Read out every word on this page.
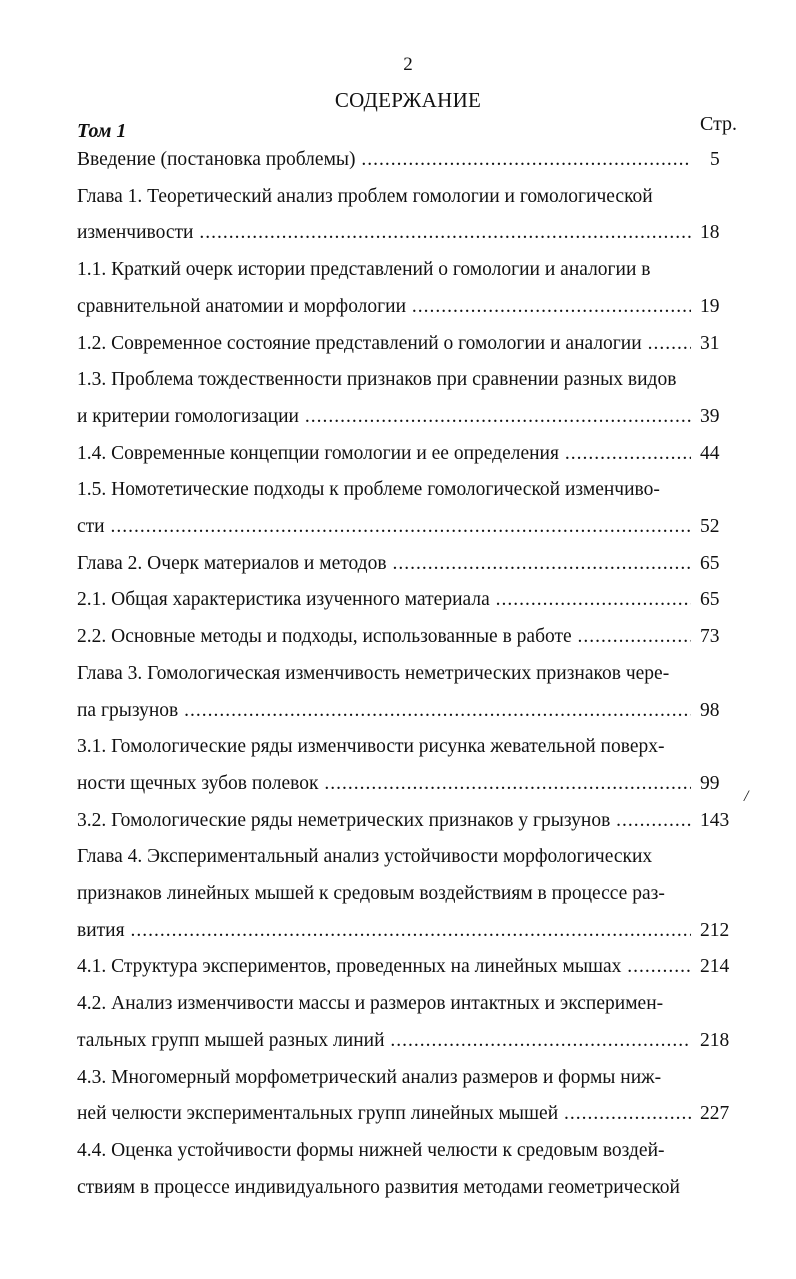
2
СОДЕРЖАНИЕ
Том 1	Стр.
/
Введение (постановка проблемы) .....	5
Глава 1. Теоретический анализ проблем гомологии и гомологической
изменчивости .....	18
1.1. Краткий очерк истории представлений о гомологии и аналогии в
сравнительной анатомии и морфологии .....	19
1.2. Современное состояние представлений о гомологии и аналогии .....	31
1.3. Проблема тождественности признаков при сравнении разных видов
и критерии гомологизации .....	39
1.4. Современные концепции гомологии и ее определения .....	44
1.5. Номотетические подходы к проблеме гомологической изменчиво-
сти .....	52
Глава 2. Очерк материалов и методов .....	65
2.1. Общая характеристика изученного материала .....	65
2.2. Основные методы и подходы, использованные в работе .....	73
Глава 3. Гомологическая изменчивость неметрических признаков чере-
па грызунов .....	98
3.1. Гомологические ряды изменчивости рисунка жевательной поверх-
ности щечных зубов полевок .....	99
3.2. Гомологические ряды неметрических признаков у грызунов .....	143
Глава 4. Экспериментальный анализ устойчивости морфологических
признаков линейных мышей к средовым воздействиям в процессе раз-
вития .....	212
4.1. Структура экспериментов, проведенных на линейных мышах .....	214
4.2. Анализ изменчивости массы и размеров интактных и эксперимен-
тальных групп мышей разных линий .....	218
4.3. Многомерный морфометрический анализ размеров и формы ниж-
ней челюсти экспериментальных групп линейных мышей .....	227
4.4. Оценка устойчивости формы нижней челюсти к средовым воздей-
ствиям в процессе индивидуального развития методами геометрической
